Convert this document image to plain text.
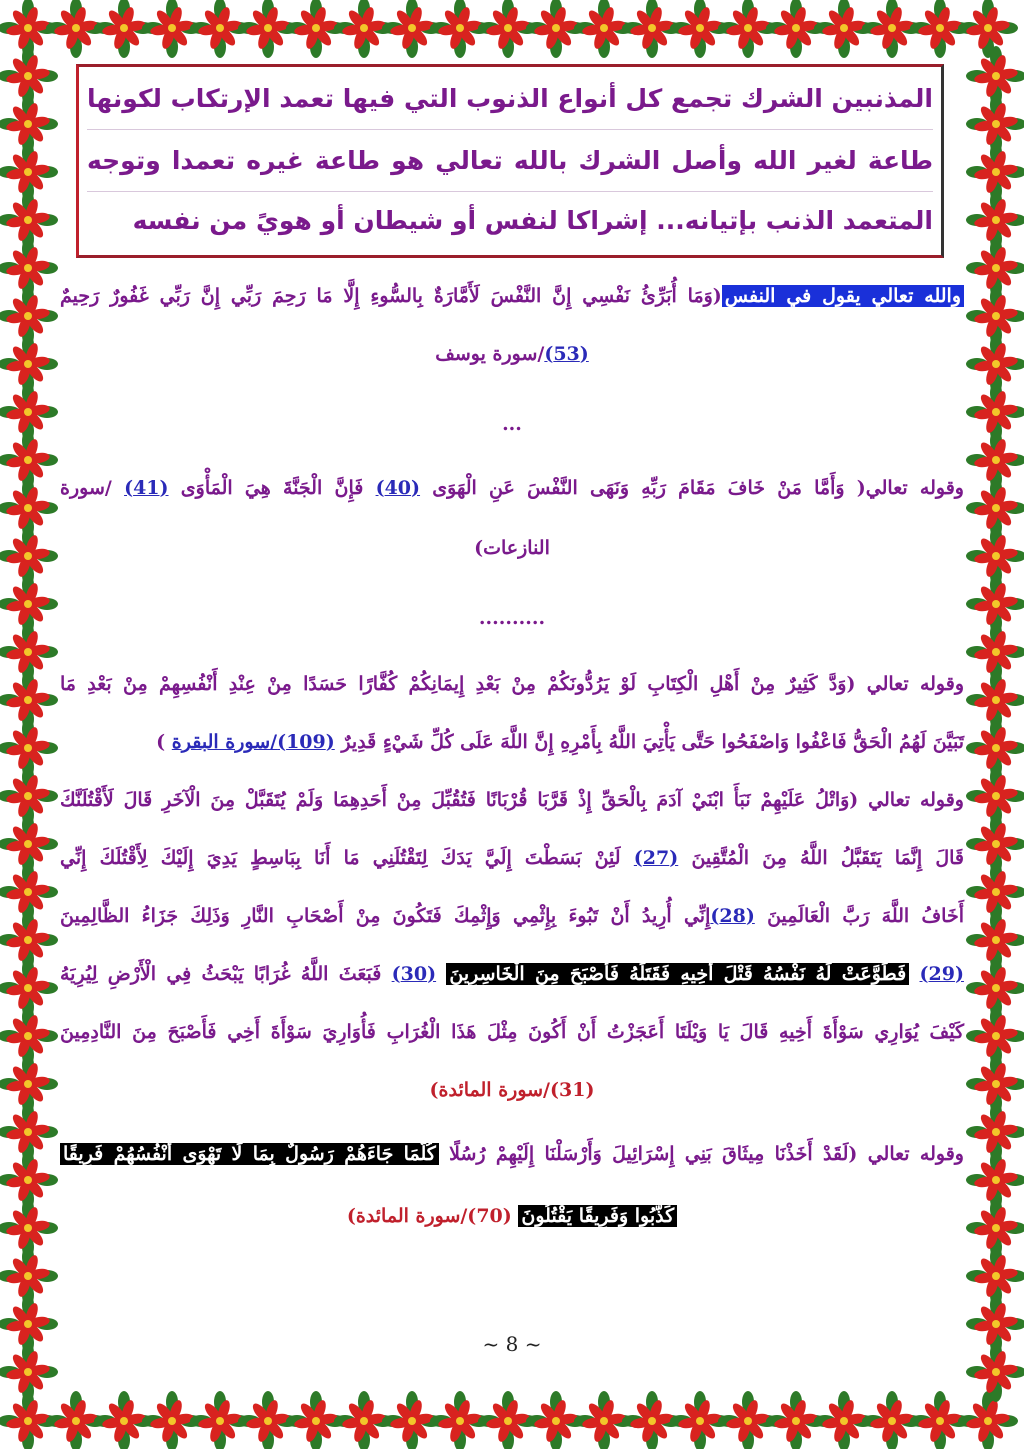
المذنبين الشرك تجمع كل أنواع الذنوب التي فيها تعمد الإرتكاب لكونها
طاعة لغير الله وأصل الشرك بالله تعالي هو طاعة غيره تعمدا وتوجه
المتعمد الذنب بإتيانه... إشراكا لنفس أو شيطان أو هويً من نفسه
والله تعالي يقول في النفس(وَمَا أُبَرِّئُ نَفْسِي إِنَّ النَّفْسَ لَأَمَّارَةٌ بِالسُّوءِ إِلَّا مَا رَحِمَ رَبِّي إِنَّ رَبِّي غَفُورٌ رَحِيمٌ
(53)/سورة يوسف
...
وقوله تعالي( وَأَمَّا مَنْ خَافَ مَقَامَ رَبِّهِ وَنَهَى النَّفْسَ عَنِ الْهَوَى (40) فَإِنَّ الْجَنَّةَ هِيَ الْمَأْوَى (41) /سورة
النازعات)
..........
وقوله تعالي (وَدَّ كَثِيرٌ مِنْ أَهْلِ الْكِتَابِ لَوْ يَرُدُّونَكُمْ مِنْ بَعْدِ إِيمَانِكُمْ كُفَّارًا حَسَدًا مِنْ عِنْدِ أَنْفُسِهِمْ مِنْ بَعْدِ مَا
تَبَيَّنَ لَهُمُ الْحَقُّ فَاعْفُوا وَاصْفَحُوا حَتَّى يَأْتِيَ اللَّهُ بِأَمْرِهِ إِنَّ اللَّهَ عَلَى كُلِّ شَيْءٍ قَدِيرٌ (109)/سورة البقرة )
وقوله تعالي (وَاتْلُ عَلَيْهِمْ نَبَأَ ابْنَيْ آدَمَ بِالْحَقِّ إِذْ قَرَّبَا قُرْبَانًا فَتُقُبِّلَ مِنْ أَحَدِهِمَا وَلَمْ يُتَقَبَّلْ مِنَ الْآخَرِ قَالَ لَأَقْتُلَنَّكَ
قَالَ إِنَّمَا يَتَقَبَّلُ اللَّهُ مِنَ الْمُتَّقِينَ (27) لَئِنْ بَسَطْتَ إِلَيَّ يَدَكَ لِتَقْتُلَنِي مَا أَنَا بِبَاسِطٍ يَدِيَ إِلَيْكَ لِأَقْتُلَكَ إِنِّي
أَخَافُ اللَّهَ رَبَّ الْعَالَمِينَ (28)إِنِّي أُرِيدُ أَنْ تَبُوءَ بِإِثْمِي وَإِثْمِكَ فَتَكُونَ مِنْ أَصْحَابِ النَّارِ وَذَلِكَ جَزَاءُ الظَّالِمِينَ
(29) فَطَوَّعَتْ لَهُ نَفْسُهُ قَتْلَ أَخِيهِ فَقَتَلَهُ فَأَصْبَحَ مِنَ الْخَاسِرِينَ (30) فَبَعَثَ اللَّهُ غُرَابًا يَبْحَثُ فِي الْأَرْضِ لِيُرِيَهُ
كَيْفَ يُوَارِي سَوْأَةَ أَخِيهِ قَالَ يَا وَيْلَتَا أَعَجَزْتُ أَنْ أَكُونَ مِثْلَ هَذَا الْغُرَابِ فَأُوَارِيَ سَوْأَةَ أَخِي فَأَصْبَحَ مِنَ النَّادِمِينَ
(31)/سورة المائدة)
وقوله تعالي (لَقَدْ أَخَذْنَا مِيثَاقَ بَنِي إِسْرَائِيلَ وَأَرْسَلْنَا إِلَيْهِمْ رُسُلًا كُلَّمَا جَاءَهُمْ رَسُولٌ بِمَا لَا تَهْوَى أَنْفُسُهُمْ فَرِيقًا
كَذَّبُوا وَفَرِيقًا يَقْتُلُونَ (70)/سورة المائدة)
~ 8 ~
